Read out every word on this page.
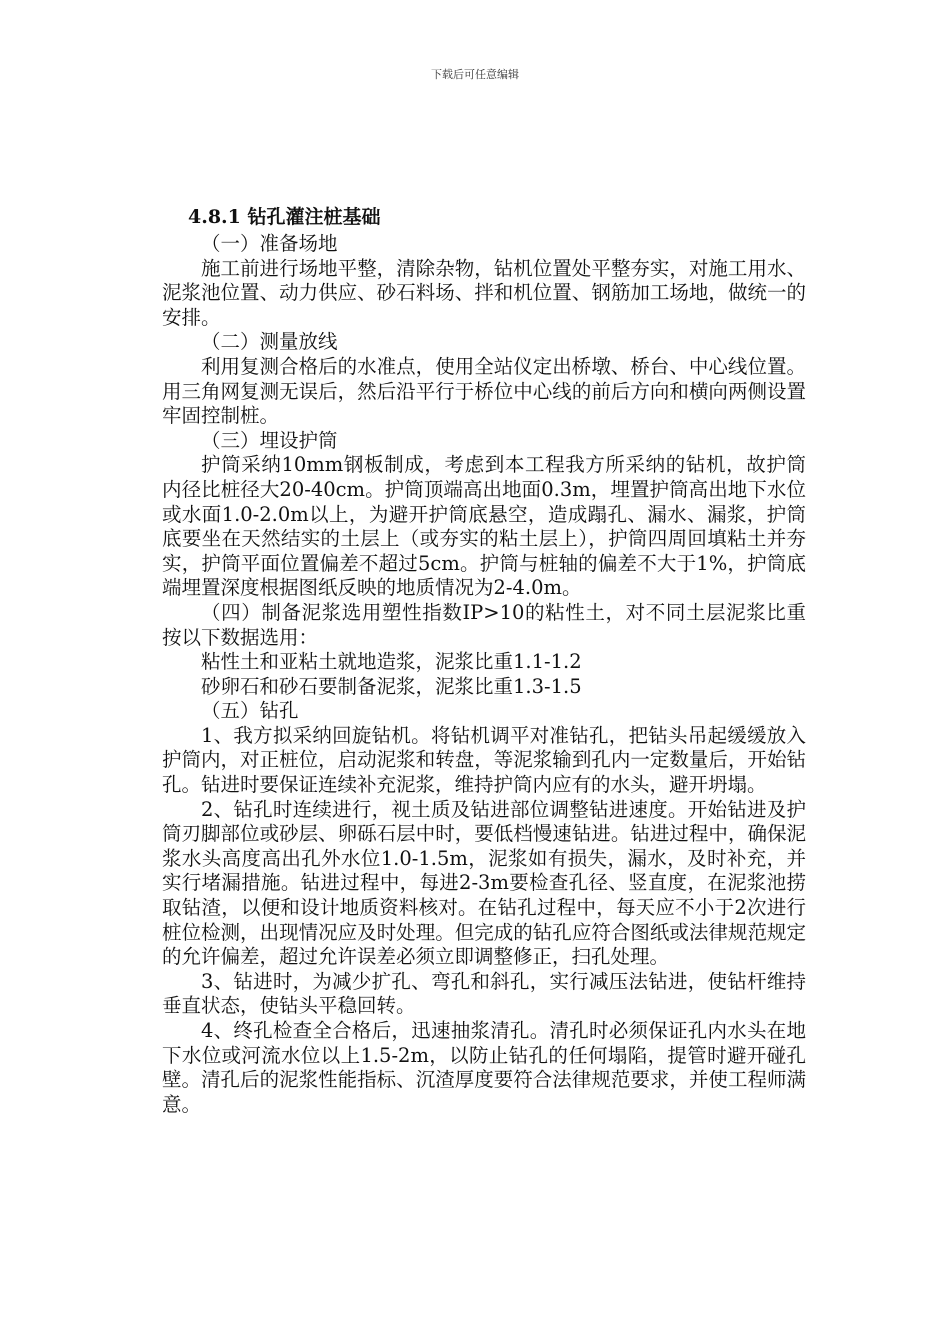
下载后可任意编辑
4.8.1 钻孔灌注桩基础

（一）准备场地

施工前进行场地平整，清除杂物，钻机位置处平整夯实，对施工用水、泥浆池位置、动力供应、砂石料场、拌和机位置、钢筋加工场地，做统一的安排。

（二）测量放线

利用复测合格后的水准点，使用全站仪定出桥墩、桥台、中心线位置。用三角网复测无误后，然后沿平行于桥位中心线的前后方向和横向两侧设置牢固控制桩。

（三）埋设护筒

护筒采纳10mm钢板制成，考虑到本工程我方所采纳的钻机，故护筒内径比桩径大20-40cm。护筒顶端高出地面0.3m，埋置护筒高出地下水位或水面1.0-2.0m以上，为避开护筒底悬空，造成蹋孔、漏水、漏浆，护筒底要坐在天然结实的土层上（或夯实的粘土层上），护筒四周回填粘土并夯实，护筒平面位置偏差不超过5cm。护筒与桩轴的偏差不大于1%，护筒底端埋置深度根据图纸反映的地质情况为2-4.0m。

（四）制备泥浆选用塑性指数IP>10的粘性土，对不同土层泥浆比重按以下数据选用：

粘性土和亚粘土就地造浆，泥浆比重1.1-1.2

砂卵石和砂石要制备泥浆，泥浆比重1.3-1.5

（五）钻孔

1、我方拟采纳回旋钻机。将钻机调平对准钻孔，把钻头吊起缓缓放入护筒内，对正桩位，启动泥浆和转盘，等泥浆输到孔内一定数量后，开始钻孔。钻进时要保证连续补充泥浆，维持护筒内应有的水头，避开坍塌。

2、钻孔时连续进行，视土质及钻进部位调整钻进速度。开始钻进及护筒刃脚部位或砂层、卵砾石层中时，要低档慢速钻进。钻进过程中，确保泥浆水头高度高出孔外水位1.0-1.5m，泥浆如有损失，漏水，及时补充，并实行堵漏措施。钻进过程中，每进2-3m要检查孔径、竖直度，在泥浆池捞取钻渣，以便和设计地质资料核对。在钻孔过程中，每天应不小于2次进行桩位检测，出现情况应及时处理。但完成的钻孔应符合图纸或法律规范规定的允许偏差，超过允许误差必须立即调整修正，扫孔处理。

3、钻进时，为减少扩孔、弯孔和斜孔，实行减压法钻进，使钻杆维持垂直状态，使钻头平稳回转。

4、终孔检查全合格后，迅速抽浆清孔。清孔时必须保证孔内水头在地下水位或河流水位以上1.5-2m，以防止钻孔的任何塌陷，提管时避开碰孔壁。清孔后的泥浆性能指标、沉渣厚度要符合法律规范要求，并使工程师满意。
